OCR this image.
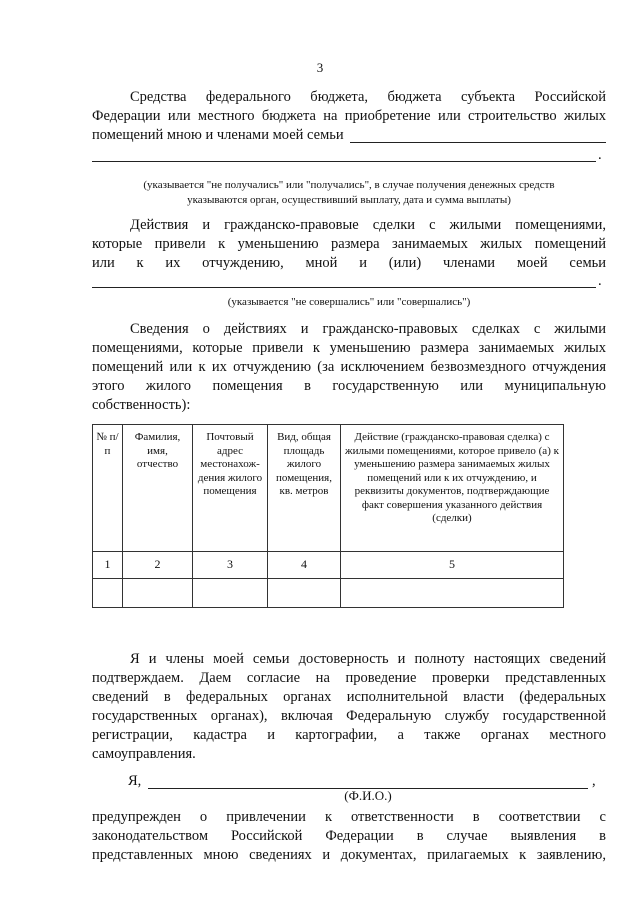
3
Средства федерального бюджета, бюджета субъекта Российской
Федерации или местного бюджета на приобретение или строительство жилых
помещений мною и членами моей семьи
.
(указывается "не получались" или "получались", в случае получения денежных средств
указываются орган, осуществивший выплату, дата и сумма выплаты)
Действия и гражданско-правовые сделки с жилыми помещениями,
которые привели к уменьшению размера занимаемых жилых помещений
или к их отчуждению, мной и (или) членами моей семьи
.
(указывается "не совершались" или "совершались")
Сведения о действиях и гражданско-правовых сделках с жилыми
помещениями, которые привели к уменьшению размера занимаемых жилых
помещений или к их отчуждению (за исключением безвозмездного отчуждения
этого жилого помещения в государственную или муниципальную
собственность):
№ п/п	Фамилия, имя, отчество	Почтовый адрес местонахож-дения жилого помещения	Вид, общая площадь жилого помещения, кв. метров	Действие (гражданско-правовая сделка) с жилыми помещениями, которое привело (а) к уменьшению размера занимаемых жилых помещений или к их отчуждению, и реквизиты документов, подтверждающие факт совершения указанного действия (сделки)
1	2	3	4	5

Я и члены моей семьи достоверность и полноту настоящих сведений
подтверждаем. Даем согласие на проведение проверки представленных
сведений в федеральных органах исполнительной власти (федеральных
государственных органах), включая Федеральную службу государственной
регистрации, кадастра и картографии, а также органах местного
самоуправления.
Я,	,
(Ф.И.О.)
предупрежден о привлечении к ответственности в соответствии с
законодательством Российской Федерации в случае выявления в
представленных мною сведениях и документах, прилагаемых к заявлению,
